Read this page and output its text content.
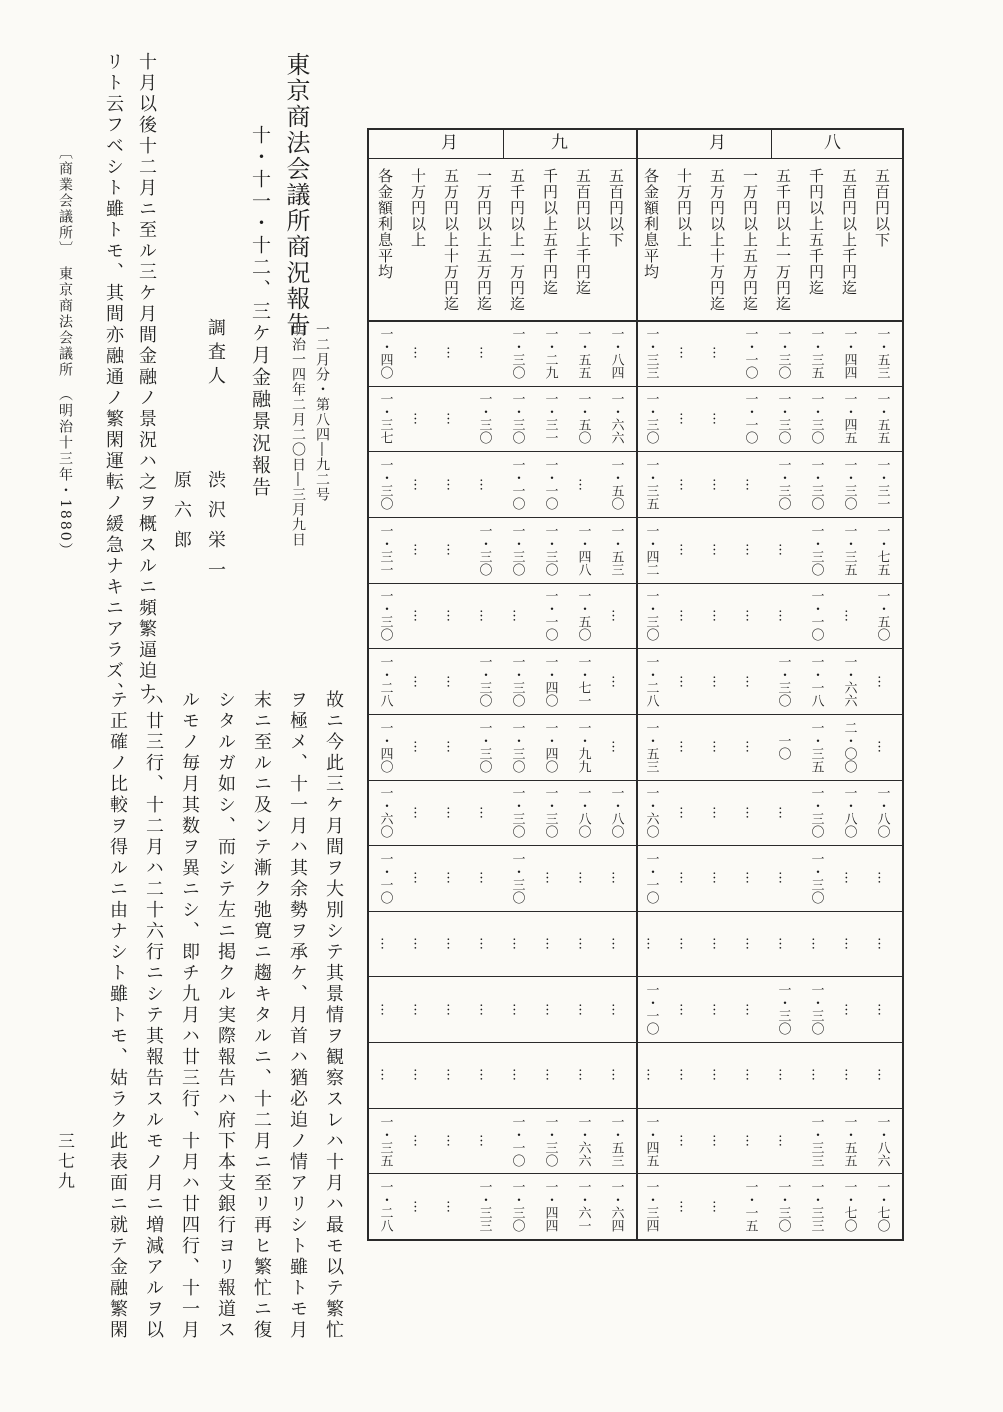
東京商法会議所商況報告
一二月分・第八四―九二号
明治一四年二月二〇日―三月九日
十・十一・十二、三ケ月金融景況報告
調査人
渋沢栄一
原六郎
十月以後十二月ニ至ル三ケ月間金融ノ景況ハ之ヲ概スルニ頻繁逼迫ナ
リト云フベシト雖トモ、其間亦融通ノ繁閑運転ノ緩急ナキニアラズ、
〔商業会議所〕　東京商法会議所　（明治十三年・1880）
故ニ今此三ケ月間ヲ大別シテ其景情ヲ観察スレハ十月ハ最モ以テ繁忙
ヲ極メ、十一月ハ其余勢ヲ承ケ、月首ハ猶必迫ノ情アリシト雖トモ月
末ニ至ルニ及ンテ漸ク弛寛ニ趨キタルニ、十二月ニ至リ再ヒ繁忙ニ復
シタルガ如シ、而シテ左ニ掲クル実際報告ハ府下本支銀行ヨリ報道ス
ルモノ毎月其数ヲ異ニシ、即チ九月ハ廿三行、十月ハ廿四行、十一月
ハ廿三行、十二月ハ二十六行ニシテ其報告スルモノ月ニ増減アルヲ以
テ正確ノ比較ヲ得ルニ由ナシト雖トモ、姑ラク此表面ニ就テ金融繁閑
三七九
八
月
九
月
五百円以下
一・五三
一・五五
一・三一
一・七五
一・五〇
…
…
一・八〇
…
…
…
…
一・八六
一・七〇
五百円以上千円迄
一・四四
一・四五
一・三〇
一・三五
…
一・六六
二・〇〇
一・八〇
…
…
…
…
一・五五
一・七〇
千円以上五千円迄
一・三五
一・三〇
一・三〇
一・三〇
一・一〇
一・一八
一・三五
一・三〇
一・三〇
…
一・三〇
…
一・三三
一・三三
五千円以上一万円迄
一・三〇
一・三〇
一・三〇
…
…
一・三〇
一〇
…
…
…
一・三〇
…
…
一・三〇
一万円以上五万円迄
一・一〇
一・一〇
…
…
…
…
…
…
…
…
…
…
…
一・一五
五万円以上十万円迄
…
…
…
…
…
…
…
…
…
…
…
…
…
…
十万円以上
…
…
…
…
…
…
…
…
…
…
…
…
…
…
各金額利息平均
一・三三
一・三〇
一・三五
一・四二
一・三〇
一・二八
一・五三
一・六〇
一・一〇
…
一・一〇
…
一・四五
一・三四
五百円以下
一・八四
一・六六
一・五〇
一・五三
…
…
…
一・八〇
…
…
…
…
一・五三
一・六四
五百円以上千円迄
一・五五
一・五〇
…
一・四八
一・五〇
一・七一
一・九九
一・八〇
…
…
…
…
一・六六
一・六一
千円以上五千円迄
一・二九
一・三一
一・一〇
一・三〇
一・一〇
一・四〇
一・四〇
一・三〇
…
…
…
…
一・三〇
一・四四
五千円以上一万円迄
一・三〇
一・三〇
一・一〇
一・三〇
…
一・三〇
一・三〇
一・三〇
一・三〇
…
…
…
一・一〇
一・三〇
一万円以上五万円迄
…
一・三〇
…
一・三〇
…
一・三〇
一・三〇
…
…
…
…
…
…
一・三三
五万円以上十万円迄
…
…
…
…
…
…
…
…
…
…
…
…
…
…
十万円以上
…
…
…
…
…
…
…
…
…
…
…
…
…
…
各金額利息平均
一・四〇
一・三七
一・三〇
一・三一
一・三〇
一・二八
一・四〇
一・六〇
一・一〇
…
…
…
一・三五
一・二八
